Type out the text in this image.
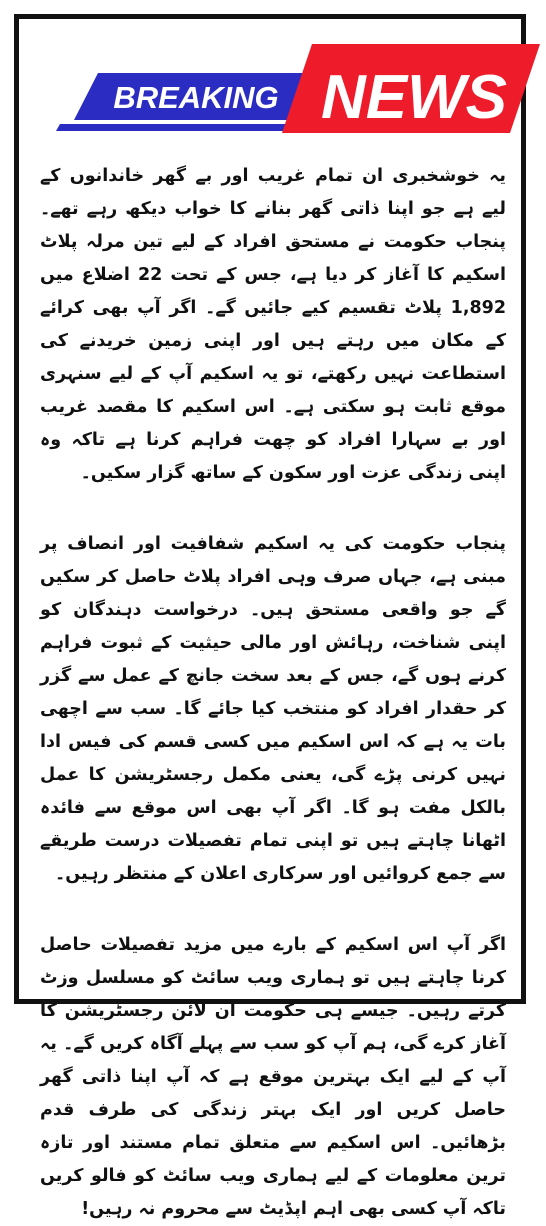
BREAKING NEWS

یہ خوشخبری ان تمام غریب اور بے گھر خاندانوں کے لیے ہے جو اپنا ذاتی گھر بنانے کا خواب دیکھ رہے تھے۔ پنجاب حکومت نے مستحق افراد کے لیے تین مرلہ پلاٹ اسکیم کا آغاز کر دیا ہے، جس کے تحت 22 اضلاع میں 1,892 پلاٹ تقسیم کیے جائیں گے۔ اگر آپ بھی کرائے کے مکان میں رہتے ہیں اور اپنی زمین خریدنے کی استطاعت نہیں رکھتے، تو یہ اسکیم آپ کے لیے سنہری موقع ثابت ہو سکتی ہے۔ اس اسکیم کا مقصد غریب اور بے سہارا افراد کو چھت فراہم کرنا ہے تاکہ وہ اپنی زندگی عزت اور سکون کے ساتھ گزار سکیں۔

پنجاب حکومت کی یہ اسکیم شفافیت اور انصاف پر مبنی ہے، جہاں صرف وہی افراد پلاٹ حاصل کر سکیں گے جو واقعی مستحق ہیں۔ درخواست دہندگان کو اپنی شناخت، رہائش اور مالی حیثیت کے ثبوت فراہم کرنے ہوں گے، جس کے بعد سخت جانچ کے عمل سے گزر کر حقدار افراد کو منتخب کیا جائے گا۔ سب سے اچھی بات یہ ہے کہ اس اسکیم میں کسی قسم کی فیس ادا نہیں کرنی پڑے گی، یعنی مکمل رجسٹریشن کا عمل بالکل مفت ہو گا۔ اگر آپ بھی اس موقع سے فائدہ اٹھانا چاہتے ہیں تو اپنی تمام تفصیلات درست طریقے سے جمع کروائیں اور سرکاری اعلان کے منتظر رہیں۔

اگر آپ اس اسکیم کے بارے میں مزید تفصیلات حاصل کرنا چاہتے ہیں تو ہماری ویب سائٹ کو مسلسل وزٹ کرتے رہیں۔ جیسے ہی حکومت آن لائن رجسٹریشن کا آغاز کرے گی، ہم آپ کو سب سے پہلے آگاہ کریں گے۔ یہ آپ کے لیے ایک بہترین موقع ہے کہ آپ اپنا ذاتی گھر حاصل کریں اور ایک بہتر زندگی کی طرف قدم بڑھائیں۔ اس اسکیم سے متعلق تمام مستند اور تازہ ترین معلومات کے لیے ہماری ویب سائٹ کو فالو کریں تاکہ آپ کسی بھی اہم اپڈیٹ سے محروم نہ رہیں!
